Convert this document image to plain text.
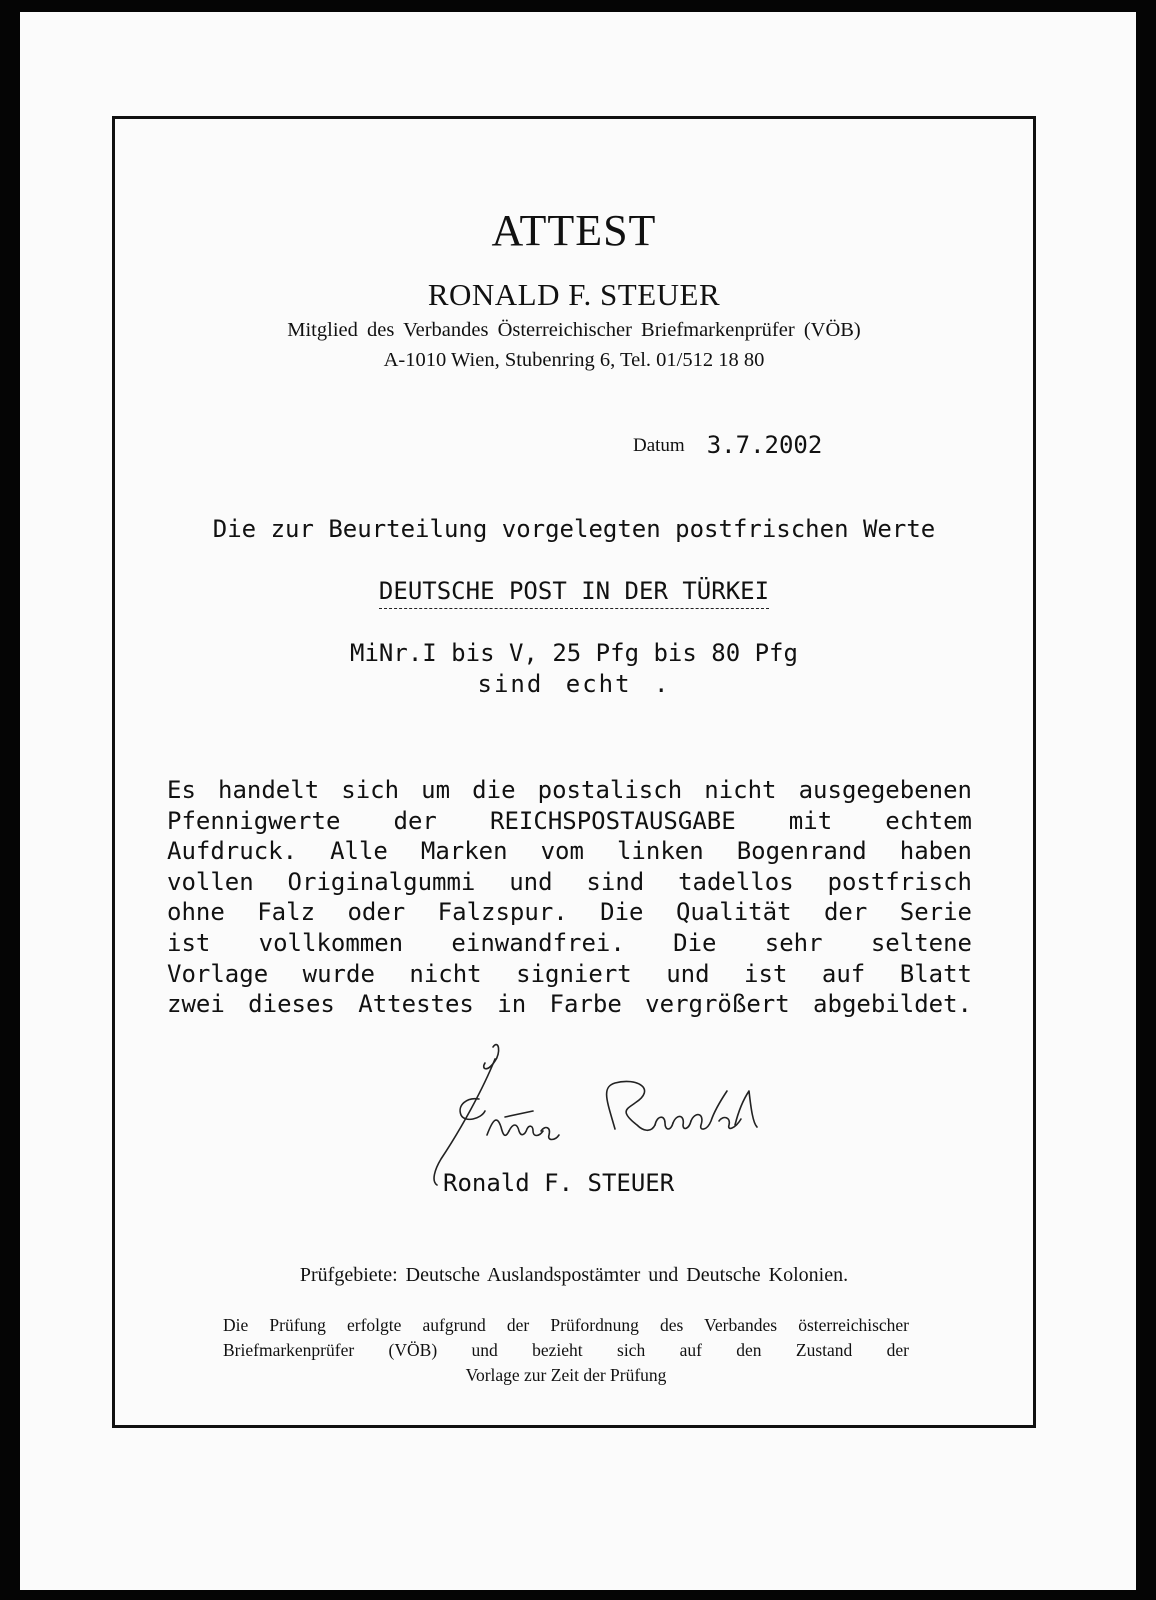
ATTEST
RONALD F. STEUER
Mitglied des Verbandes Österreichischer Briefmarkenprüfer (VÖB)
A-1010 Wien, Stubenring 6, Tel. 01/512 18 80
Datum 3.7.2002
Die zur Beurteilung vorgelegten postfrischen Werte
DEUTSCHE POST IN DER TÜRKEI
MiNr.I bis V, 25 Pfg bis 80 Pfg
sind echt .
Es handelt sich um die postalisch nicht ausgegebenen
Pfennigwerte der REICHSPOSTAUSGABE mit echtem
Aufdruck. Alle Marken vom linken Bogenrand haben
vollen Originalgummi und sind tadellos postfrisch
ohne Falz oder Falzspur. Die Qualität der Serie
ist vollkommen einwandfrei. Die sehr seltene
Vorlage wurde nicht signiert und ist auf Blatt
zwei dieses Attestes in Farbe vergrößert abgebildet.
Ronald F. STEUER
Prüfgebiete: Deutsche Auslandspostämter und Deutsche Kolonien.
Die Prüfung erfolgte aufgrund der Prüfordnung des Verbandes österreichischer
Briefmarkenprüfer (VÖB) und bezieht sich auf den Zustand der
Vorlage zur Zeit der Prüfung
